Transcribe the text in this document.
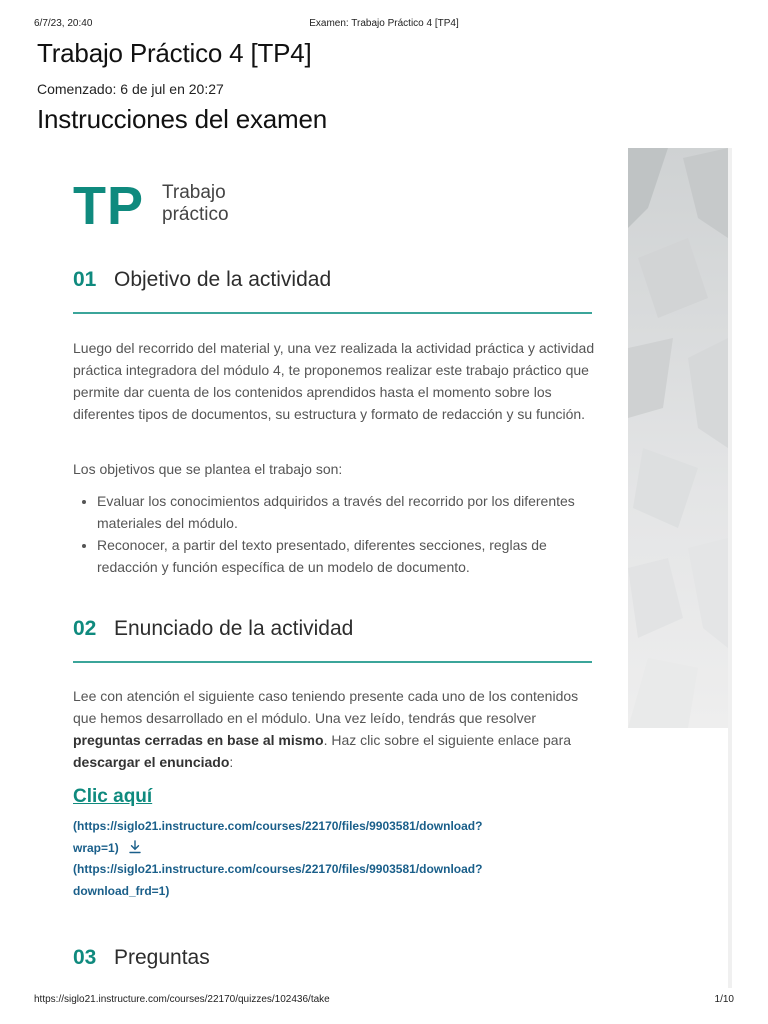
6/7/23, 20:40	Examen: Trabajo Práctico 4 [TP4]
Trabajo Práctico 4 [TP4]

Comenzado: 6 de jul en 20:27

Instrucciones del examen
TP Trabajo
práctico
01 Objetivo de la actividad

Luego del recorrido del material y, una vez realizada la actividad práctica y actividad práctica integradora del módulo 4, te proponemos realizar este trabajo práctico que permite dar cuenta de los contenidos aprendidos hasta el momento sobre los diferentes tipos de documentos, su estructura y formato de redacción y su función.

Los objetivos que se plantea el trabajo son:

• Evaluar los conocimientos adquiridos a través del recorrido por los diferentes materiales del módulo.
• Reconocer, a partir del texto presentado, diferentes secciones, reglas de redacción y función específica de un modelo de documento.
02 Enunciado de la actividad

Lee con atención el siguiente caso teniendo presente cada uno de los contenidos que hemos desarrollado en el módulo. Una vez leído, tendrás que resolver preguntas cerradas en base al mismo. Haz clic sobre el siguiente enlace para descargar el enunciado:

Clic aquí
(https://siglo21.instructure.com/courses/22170/files/9903581/download?
wrap=1)
(https://siglo21.instructure.com/courses/22170/files/9903581/download?
download_frd=1)
03 Preguntas
https://siglo21.instructure.com/courses/22170/quizzes/102436/take	1/10
